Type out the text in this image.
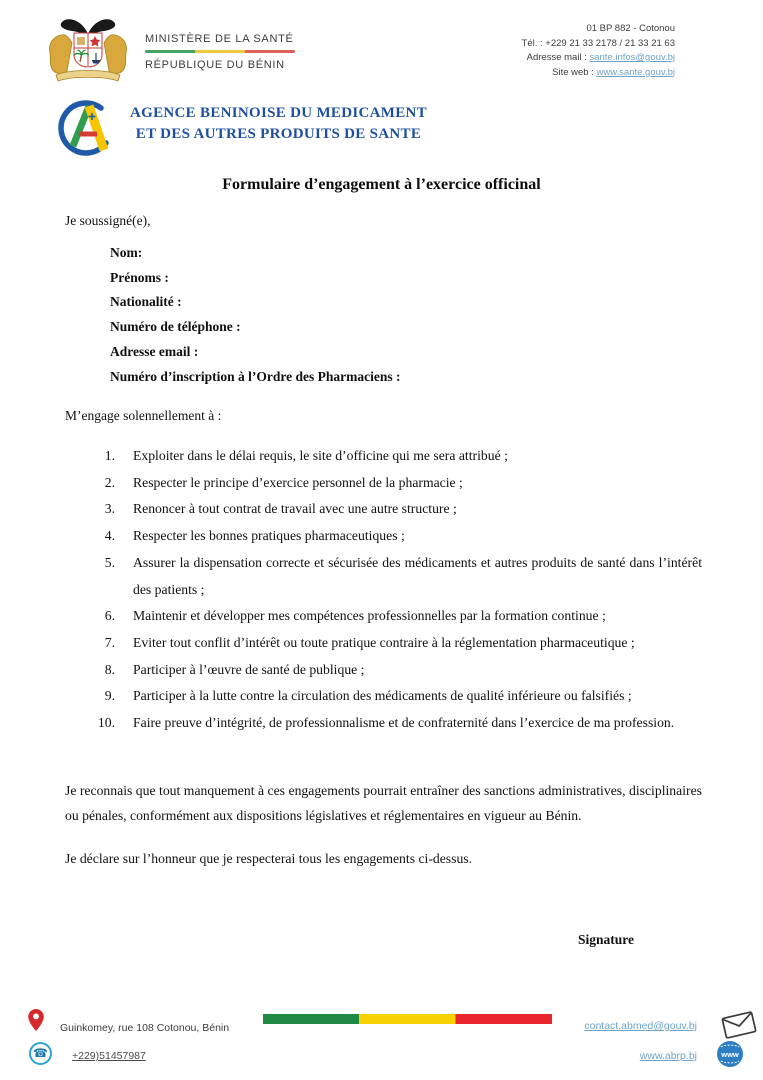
MINISTÈRE DE LA SANTÉ
RÉPUBLIQUE DU BÉNIN
01 BP 882 - Cotonou
Tél. : +229 21 33 2178 / 21 33 21 63
Adresse mail : sante.infos@gouv.bj
Site web : www.sante.gouv.bj
AGENCE BENINOISE DU MEDICAMENT
ET DES AUTRES PRODUITS DE SANTE
Formulaire d’engagement à l’exercice officinal
Je soussigné(e),
Nom:
Prénoms :
Nationalité :
Numéro de téléphone :
Adresse email :
Numéro d’inscription à l’Ordre des Pharmaciens :
M’engage solennellement à :
1. Exploiter dans le délai requis, le site d’officine qui me sera attribué ;
2. Respecter le principe d’exercice personnel de la pharmacie ;
3. Renoncer à tout contrat de travail avec une autre structure ;
4. Respecter les bonnes pratiques pharmaceutiques ;
5. Assurer la dispensation correcte et sécurisée des médicaments et autres produits de santé dans l’intérêt des patients ;
6. Maintenir et développer mes compétences professionnelles par la formation continue ;
7. Eviter tout conflit d’intérêt ou toute pratique contraire à la réglementation pharmaceutique ;
8. Participer à l’œuvre de santé de publique ;
9. Participer à la lutte contre la circulation des médicaments de qualité inférieure ou falsifiés ;
10. Faire preuve d’intégrité, de professionnalisme et de confraternité dans l’exercice de ma profession.
Je reconnais que tout manquement à ces engagements pourrait entraîner des sanctions administratives, disciplinaires ou pénales, conformément aux dispositions législatives et réglementaires en vigueur au Bénin.
Je déclare sur l’honneur que je respecterai tous les engagements ci-dessus.
Signature
Guinkomey, rue 108 Cotonou, Bénin
☎	+229)51457987
contact.abmed@gouv.bj
www.abrp.bj	www
